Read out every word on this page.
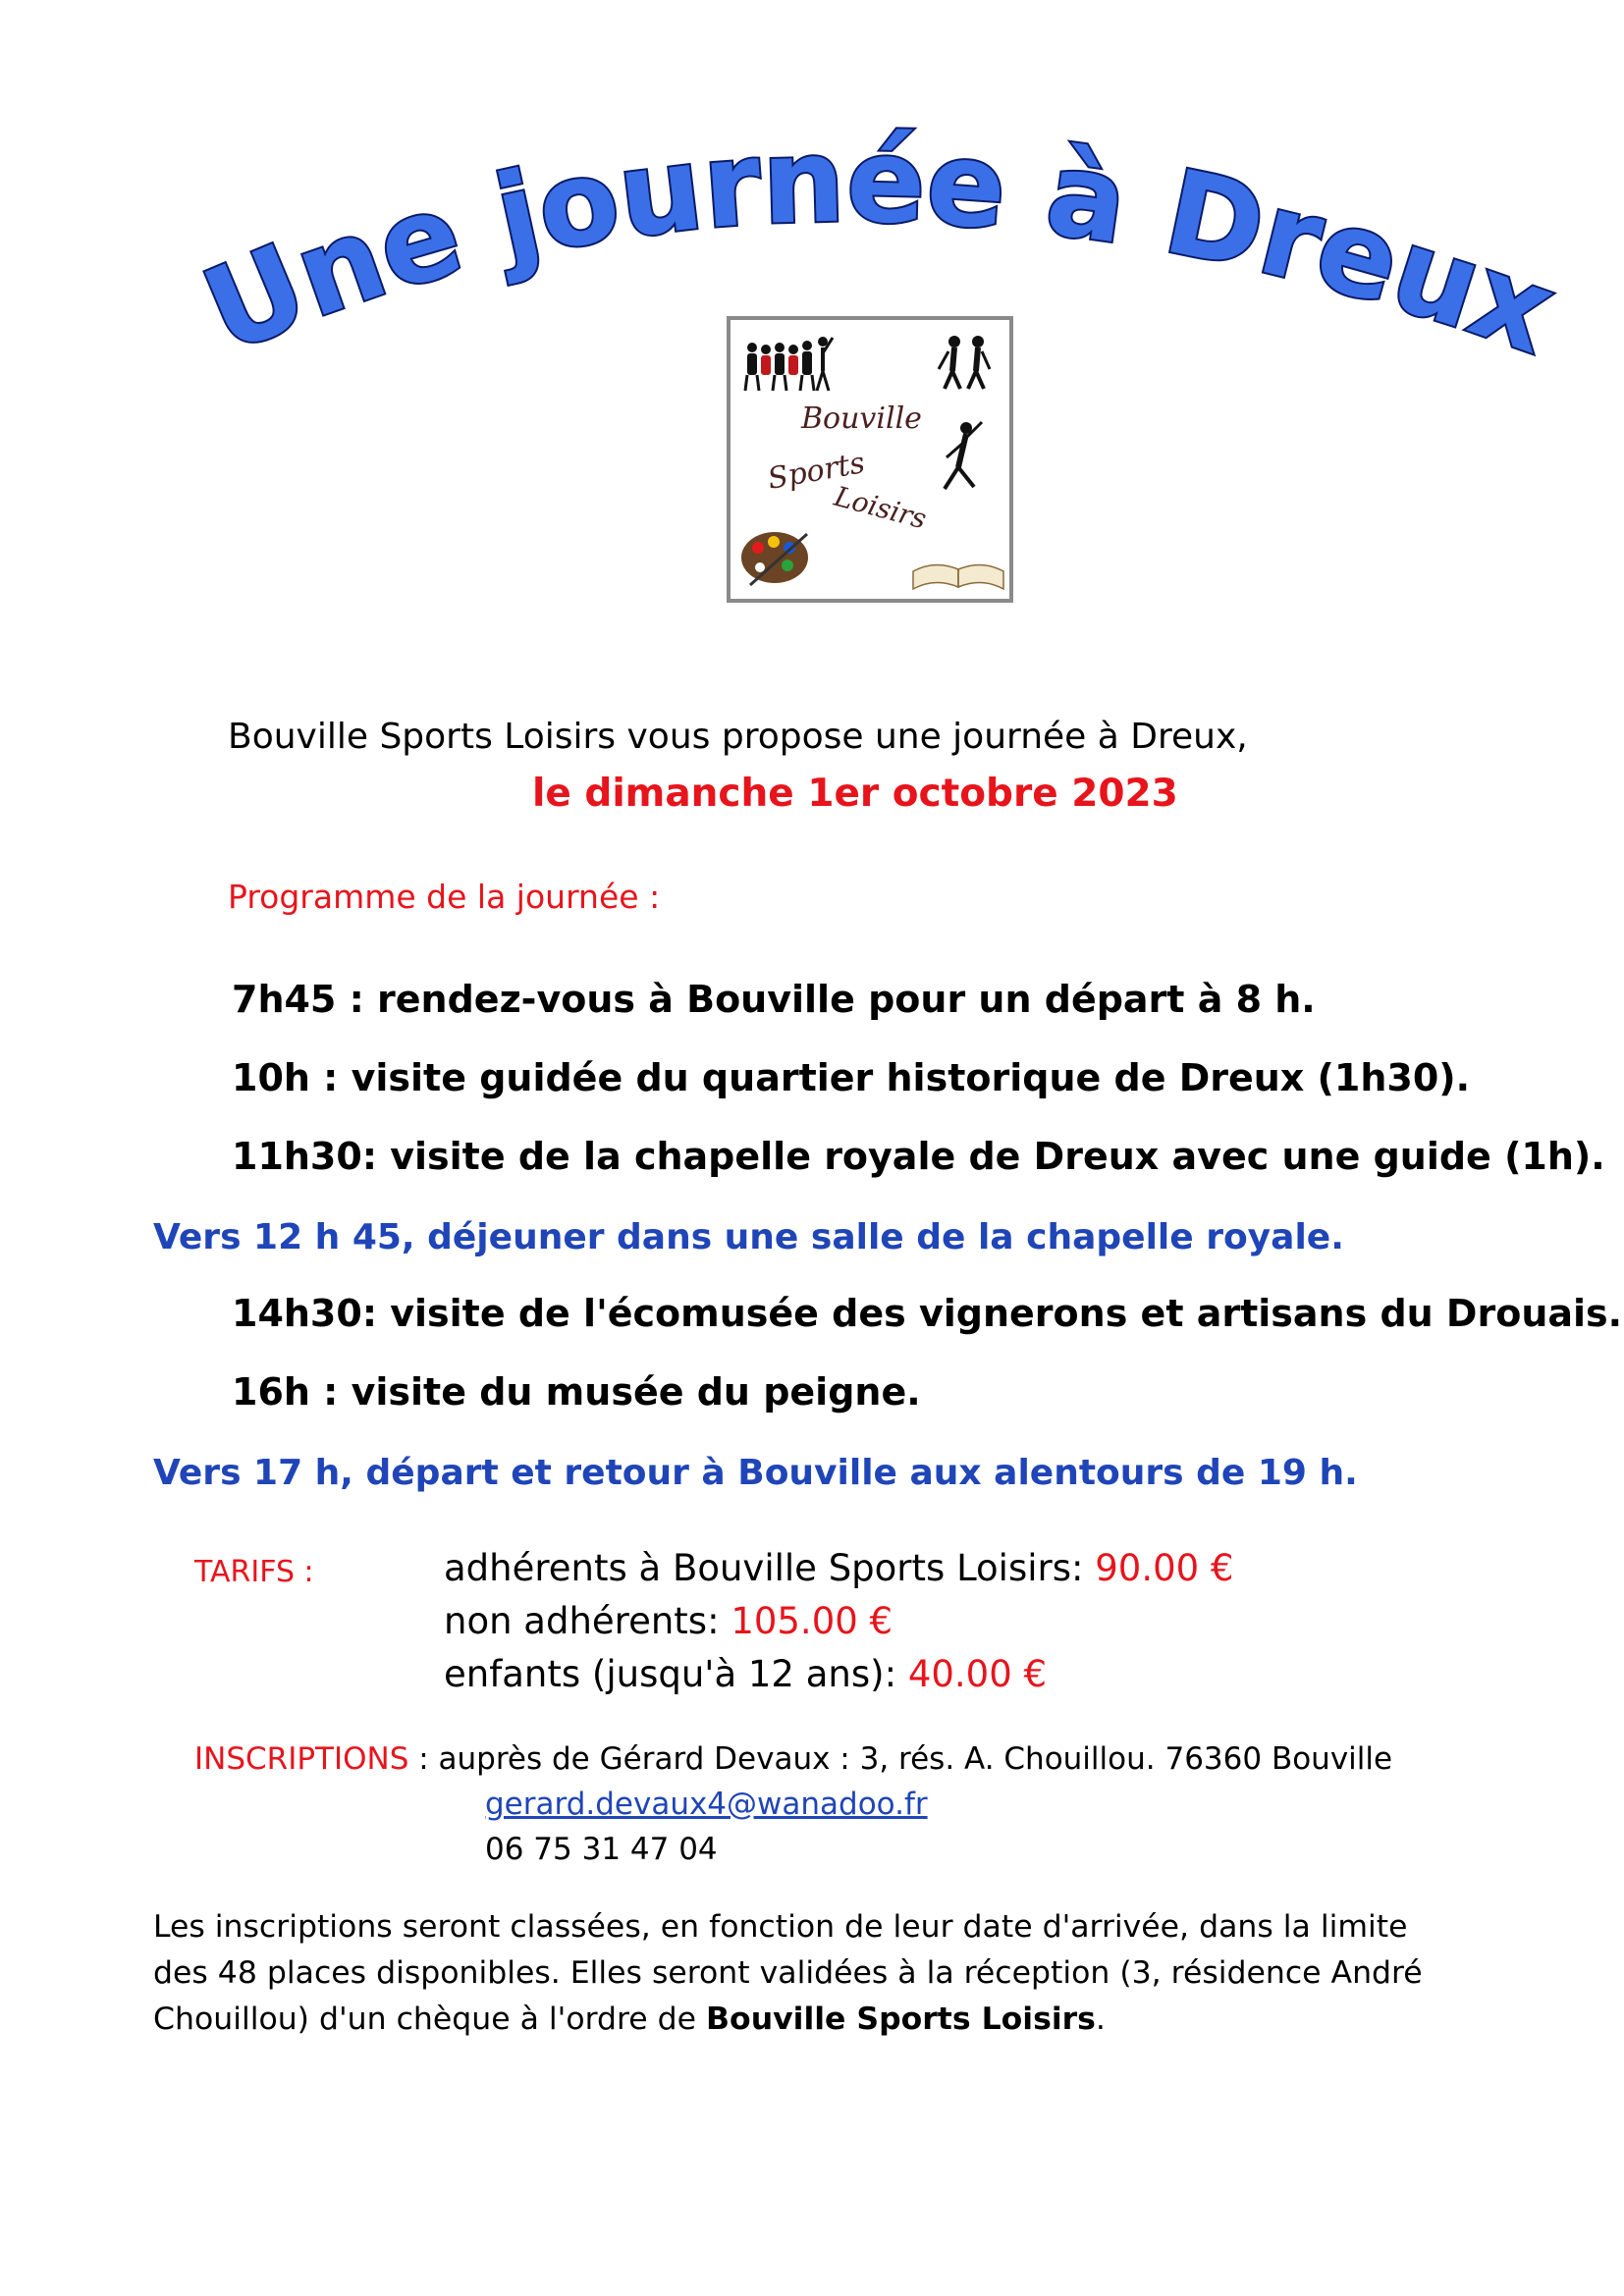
Une journée à Dreux
Bouville
Sports
Loisirs
Bouville Sports Loisirs vous propose une journée à Dreux,
le dimanche 1er octobre 2023
Programme de la journée :
7h45 : rendez-vous à Bouville pour un départ à 8 h.
10h : visite guidée du quartier historique de Dreux (1h30).
11h30: visite de la chapelle royale de Dreux avec une guide (1h).
Vers 12 h 45, déjeuner dans une salle de la chapelle royale.
14h30: visite de l'écomusée des vignerons et artisans du Drouais.
16h : visite du musée du peigne.
Vers 17 h, départ et retour à Bouville aux alentours de 19 h.
TARIFS :	adhérents à Bouville Sports Loisirs: 90.00 €
non adhérents: 105.00 €
enfants (jusqu'à 12 ans): 40.00 €
INSCRIPTIONS : auprès de Gérard Devaux : 3, rés. A. Chouillou. 76360 Bouville
gerard.devaux4@wanadoo.fr
06 75 31 47 04
Les inscriptions seront classées, en fonction de leur date d'arrivée, dans la limite des 48 places disponibles. Elles seront validées à la réception (3, résidence André Chouillou) d'un chèque à l'ordre de Bouville Sports Loisirs.
